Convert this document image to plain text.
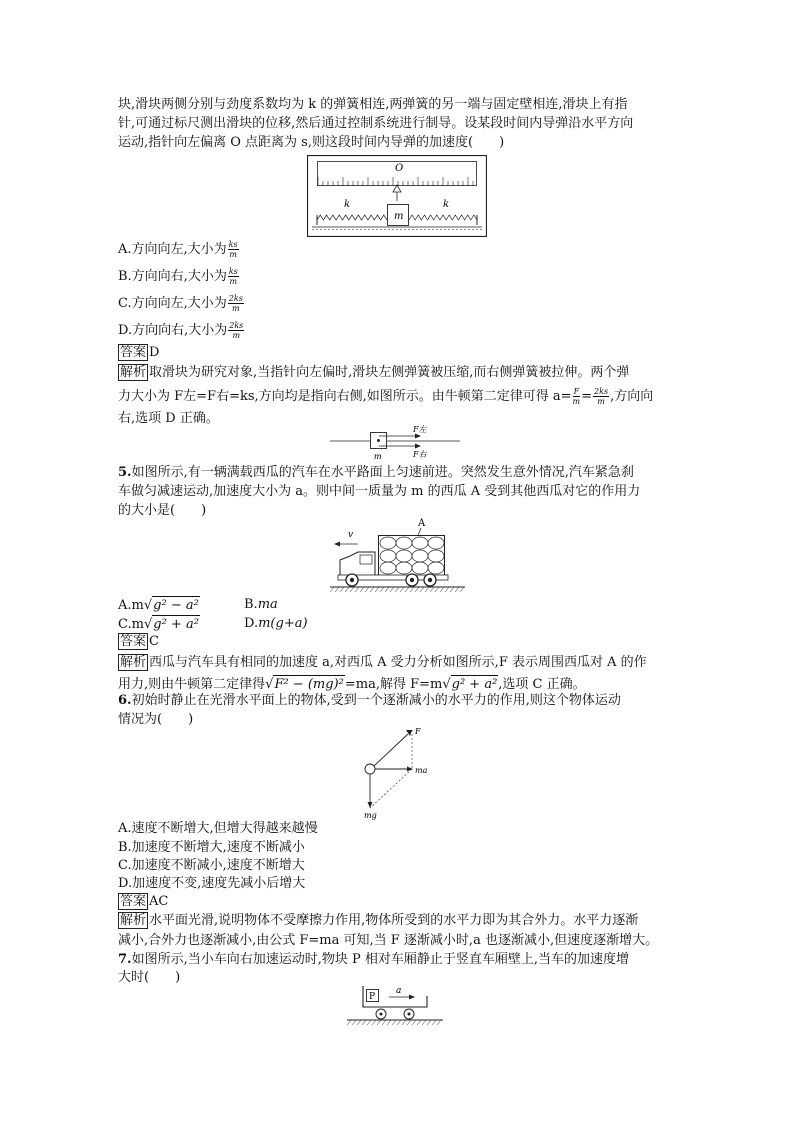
块,滑块两侧分别与劲度系数均为 k 的弹簧相连,两弹簧的另一端与固定壁相连,滑块上有指
针,可通过标尺测出滑块的位移,然后通过控制系统进行制导。设某段时间内导弹沿水平方向
运动,指针向左偏离 O 点距离为 s,则这段时间内导弹的加速度(　　)
O
m
k	k
A.方向向左,大小为 $\frac{ks}{m}$
B.方向向右,大小为 $\frac{ks}{m}$
C.方向向左,大小为 $\frac{2ks}{m}$
D.方向向右,大小为 $\frac{2ks}{m}$
答案 D
解析 取滑块为研究对象,当指针向左偏时,滑块左侧弹簧被压缩,而右侧弹簧被拉伸。两个弹
力大小为 F左=F右=ks,方向均是指向右侧,如图所示。由牛顿第二定律可得 $a= \frac{F}{m} = \frac{2ks}{m}$ ,方向向
右,选项 D 正确。
F左
F右
m
5.如图所示,有一辆满载西瓜的汽车在水平路面上匀速前进。突然发生意外情况,汽车紧急刹
车做匀减速运动,加速度大小为 a。则中间一质量为 m 的西瓜 A 受到其他西瓜对它的作用力
的大小是(　　)
A
v
A.m√g² − a²	B.ma
C.m√g² + a²	D.m(g+a)
答案 C
解析 西瓜与汽车具有相同的加速度 a,对西瓜 A 受力分析如图所示,F 表示周围西瓜对 A 的作
用力,则由牛顿第二定律得√F² − (mg)²=ma,解得 F=m√g² + a²,选项 C 正确。
6.初始时静止在光滑水平面上的物体,受到一个逐渐减小的水平力的作用,则这个物体运动
情况为(　　)
F
ma
mg
A.速度不断增大,但增大得越来越慢
B.加速度不断增大,速度不断减小
C.加速度不断减小,速度不断增大
D.加速度不变,速度先减小后增大
答案 AC
解析 水平面光滑,说明物体不受摩擦力作用,物体所受到的水平力即为其合外力。水平力逐渐
减小,合外力也逐渐减小,由公式 F=ma 可知,当 F 逐渐减小时,a 也逐渐减小,但速度逐渐增大。
7.如图所示,当小车向右加速运动时,物块 P 相对车厢静止于竖直车厢壁上,当车的加速度增
大时(　　)
P
a
